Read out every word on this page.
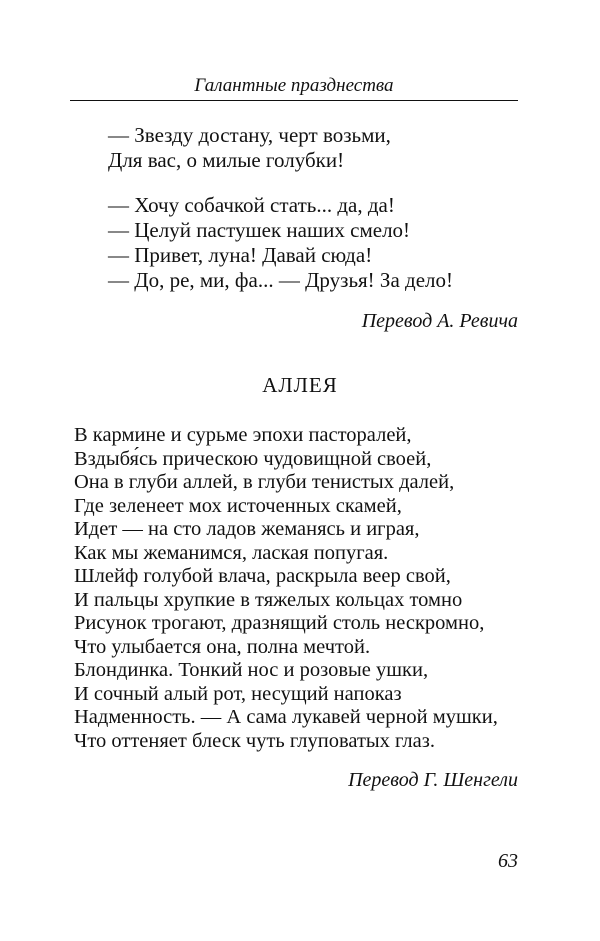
Галантные празднества
— Звезду достану, черт возьми,
Для вас, о милые голубки!
— Хочу собачкой стать... да, да!
— Целуй пастушек наших смело!
— Привет, луна! Давай сюда!
— До, ре, ми, фа... — Друзья! За дело!
Перевод А. Ревича
АЛЛЕЯ
В кармине и сурьме эпохи пасторалей,
Вздыбя́сь прическою чудовищной своей,
Она в глуби аллей, в глуби тенистых далей,
Где зеленеет мох источенных скамей,
Идет — на сто ладов жеманясь и играя,
Как мы жеманимся, лаская попугая.
Шлейф голубой влача, раскрыла веер свой,
И пальцы хрупкие в тяжелых кольцах томно
Рисунок трогают, дразнящий столь нескромно,
Что улыбается она, полна мечтой.
Блондинка. Тонкий нос и розовые ушки,
И сочный алый рот, несущий напоказ
Надменность. — А сама лукавей черной мушки,
Что оттеняет блеск чуть глуповатых глаз.
Перевод Г. Шенгели
63
